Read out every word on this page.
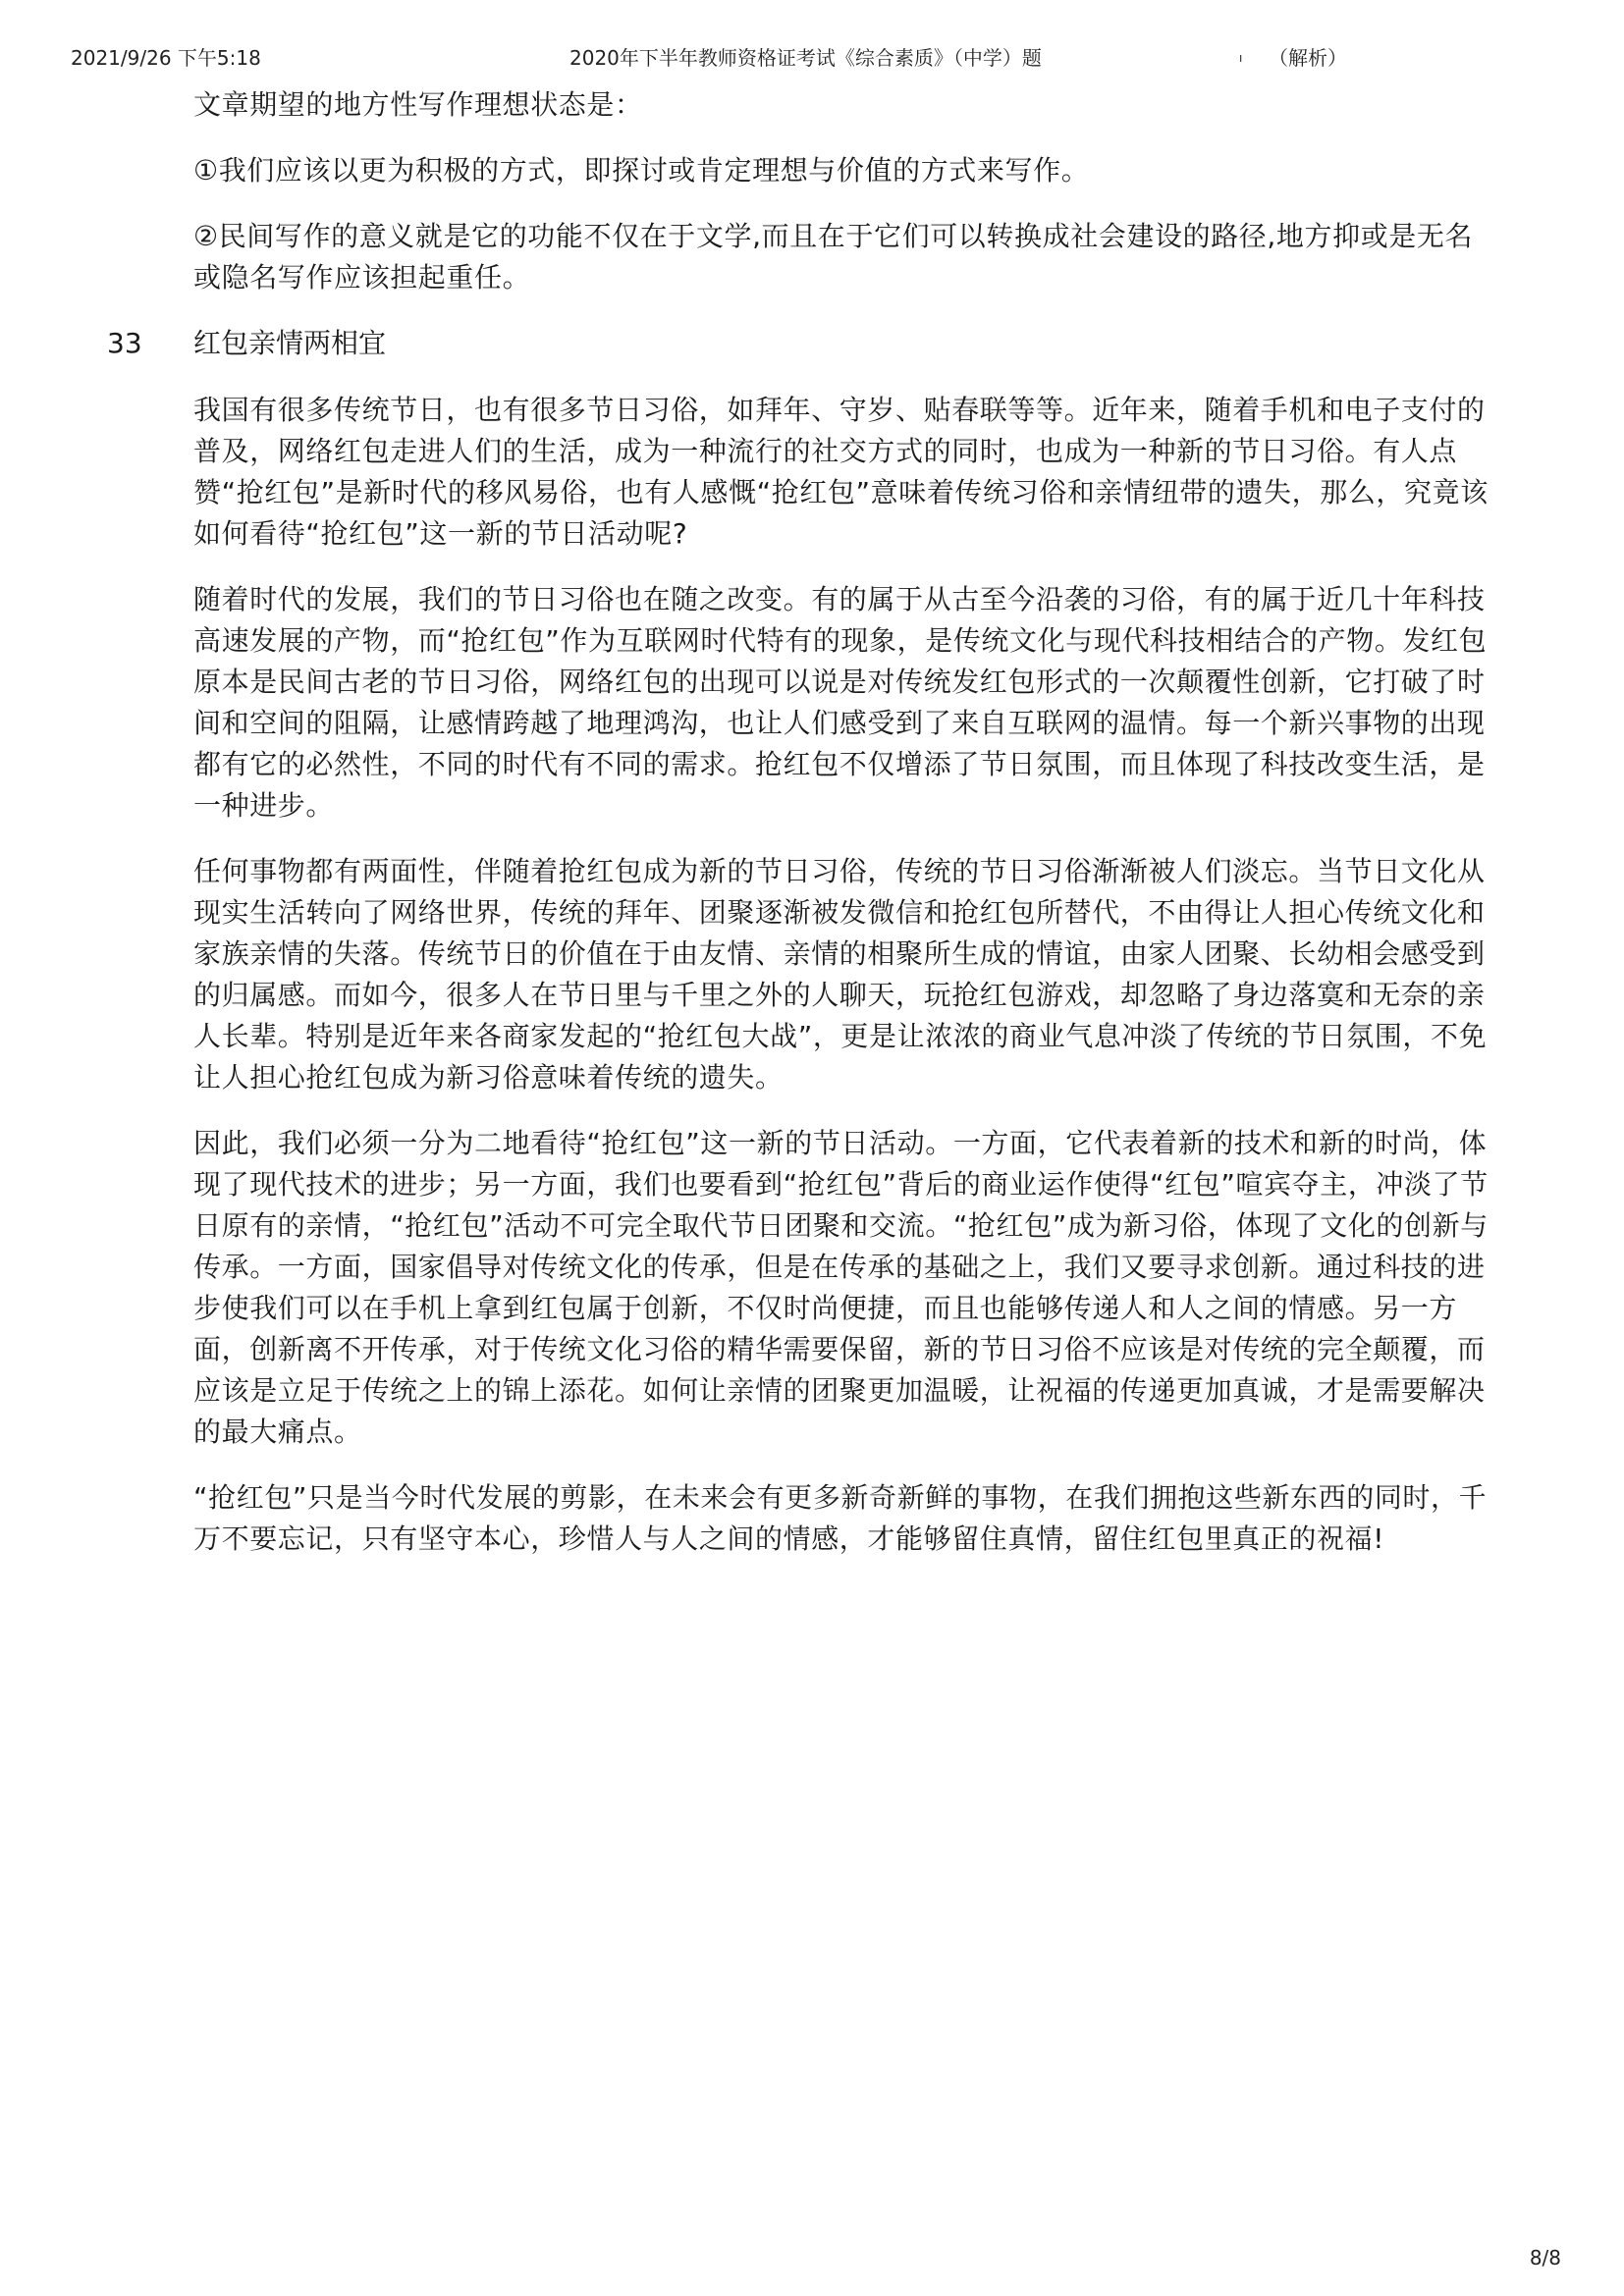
2021/9/26 下午5:18	2020年下半年教师资格证考试《综合素质》（中学）题	ı （解析）

文章期望的地方性写作理想状态是：

①我们应该以更为积极的方式，即探讨或肯定理想与价值的方式来写作。

②民间写作的意义就是它的功能不仅在于文学,而且在于它们可以转换成社会建设的路径,地方抑或是无名或隐名写作应该担起重任。

33	红包亲情两相宜

我国有很多传统节日，也有很多节日习俗，如拜年、守岁、贴春联等等。近年来，随着手机和电子支付的普及，网络红包走进人们的生活，成为一种流行的社交方式的同时，也成为一种新的节日习俗。有人点赞“抢红包”是新时代的移风易俗，也有人感慨“抢红包”意味着传统习俗和亲情纽带的遗失，那么，究竟该如何看待“抢红包”这一新的节日活动呢?

随着时代的发展，我们的节日习俗也在随之改变。有的属于从古至今沿袭的习俗，有的属于近几十年科技高速发展的产物，而“抢红包”作为互联网时代特有的现象，是传统文化与现代科技相结合的产物。发红包原本是民间古老的节日习俗，网络红包的出现可以说是对传统发红包形式的一次颠覆性创新，它打破了时间和空间的阻隔，让感情跨越了地理鸿沟，也让人们感受到了来自互联网的温情。每一个新兴事物的出现都有它的必然性，不同的时代有不同的需求。抢红包不仅增添了节日氛围，而且体现了科技改变生活，是一种进步。

任何事物都有两面性，伴随着抢红包成为新的节日习俗，传统的节日习俗渐渐被人们淡忘。当节日文化从现实生活转向了网络世界，传统的拜年、团聚逐渐被发微信和抢红包所替代，不由得让人担心传统文化和家族亲情的失落。传统节日的价值在于由友情、亲情的相聚所生成的情谊，由家人团聚、长幼相会感受到的归属感。而如今，很多人在节日里与千里之外的人聊天，玩抢红包游戏，却忽略了身边落寞和无奈的亲人长辈。特别是近年来各商家发起的“抢红包大战”，更是让浓浓的商业气息冲淡了传统的节日氛围，不免让人担心抢红包成为新习俗意味着传统的遗失。

因此，我们必须一分为二地看待“抢红包”这一新的节日活动。一方面，它代表着新的技术和新的时尚，体现了现代技术的进步；另一方面，我们也要看到“抢红包”背后的商业运作使得“红包”喧宾夺主，冲淡了节日原有的亲情，“抢红包”活动不可完全取代节日团聚和交流。“抢红包”成为新习俗，体现了文化的创新与传承。一方面，国家倡导对传统文化的传承，但是在传承的基础之上，我们又要寻求创新。通过科技的进步使我们可以在手机上拿到红包属于创新，不仅时尚便捷，而且也能够传递人和人之间的情感。另一方面，创新离不开传承，对于传统文化习俗的精华需要保留，新的节日习俗不应该是对传统的完全颠覆，而应该是立足于传统之上的锦上添花。如何让亲情的团聚更加温暖，让祝福的传递更加真诚，才是需要解决的最大痛点。

“抢红包”只是当今时代发展的剪影，在未来会有更多新奇新鲜的事物，在我们拥抱这些新东西的同时，千万不要忘记，只有坚守本心，珍惜人与人之间的情感，才能够留住真情，留住红包里真正的祝福!

8/8
